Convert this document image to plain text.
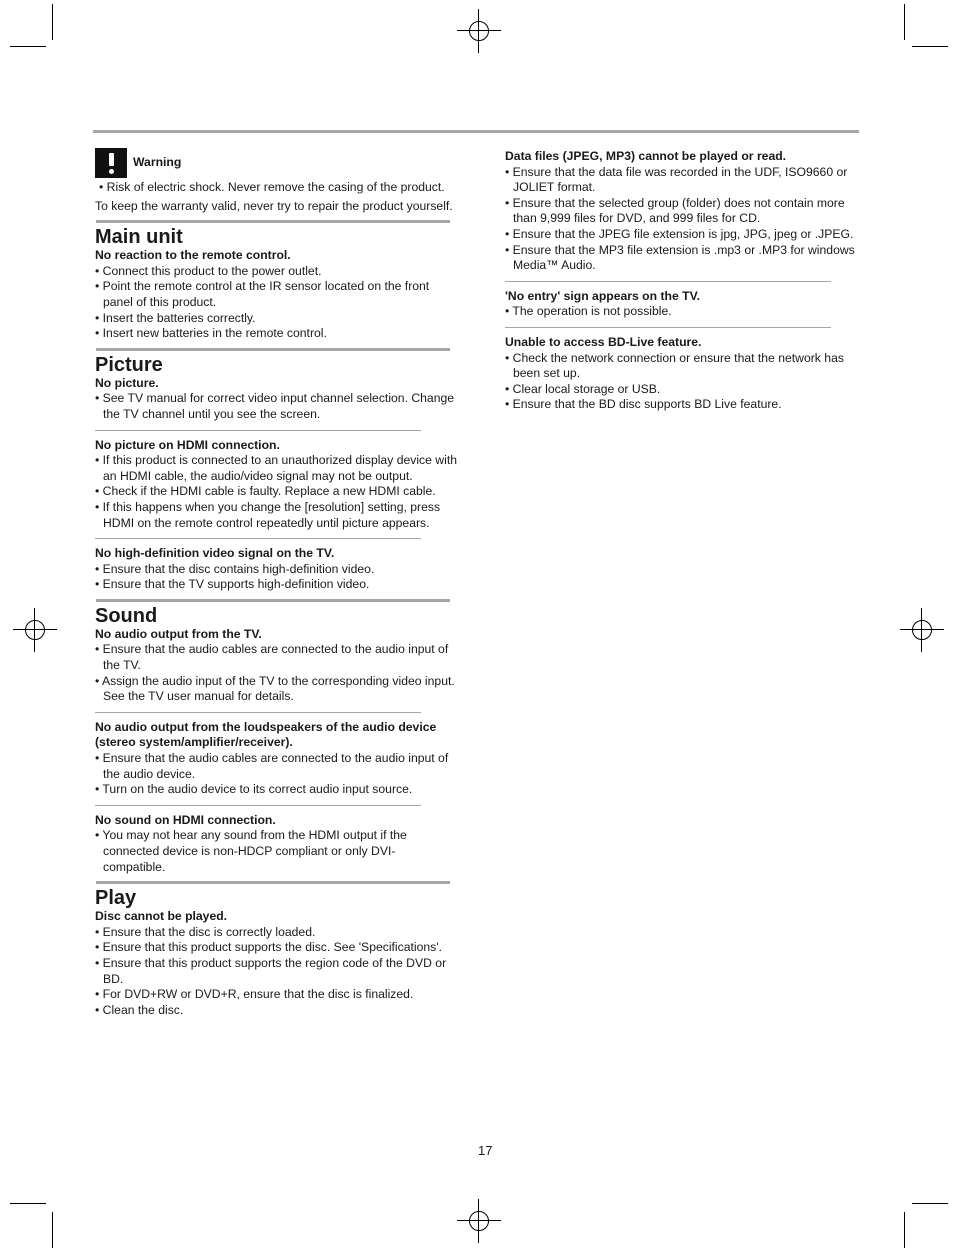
Warning
• Risk of electric shock. Never remove the casing of the product.
To keep the warranty valid, never try to repair the product yourself.
Main unit
No reaction to the remote control.
• Connect this product to the power outlet.
• Point the remote control at the IR sensor located on the front panel of this product.
• Insert the batteries correctly.
• Insert new batteries in the remote control.
Picture
No picture.
• See TV manual for correct video input channel selection. Change the TV channel until you see the screen.
No picture on HDMI connection.
• If this product is connected to an unauthorized display device with an HDMI cable, the audio/video signal may not be output.
• Check if the HDMI cable is faulty. Replace a new HDMI cable.
• If this happens when you change the [resolution] setting, press HDMI on the remote control repeatedly until picture appears.
No high-definition video signal on the TV.
• Ensure that the disc contains high-definition video.
• Ensure that the TV supports high-definition video.
Sound
No audio output from the TV.
• Ensure that the audio cables are connected to the audio input of the TV.
• Assign the audio input of the TV to the corresponding video input. See the TV user manual for details.
No audio output from the loudspeakers of the audio device (stereo system/amplifier/receiver).
• Ensure that the audio cables are connected to the audio input of the audio device.
• Turn on the audio device to its correct audio input source.
No sound on HDMI connection.
• You may not hear any sound from the HDMI output if the connected device is non-HDCP compliant or only DVI-compatible.
Play
Disc cannot be played.
• Ensure that the disc is correctly loaded.
• Ensure that this product supports the disc. See 'Specifications'.
• Ensure that this product supports the region code of the DVD or BD.
• For DVD+RW or DVD+R, ensure that the disc is finalized.
• Clean the disc.
Data files (JPEG, MP3) cannot be played or read.
• Ensure that the data file was recorded in the UDF, ISO9660 or JOLIET format.
• Ensure that the selected group (folder) does not contain more than 9,999 files for DVD, and 999 files for CD.
• Ensure that the JPEG file extension is jpg, JPG, jpeg or .JPEG.
• Ensure that the MP3 file extension is .mp3 or .MP3 for windows Media™ Audio.
'No entry' sign appears on the TV.
• The operation is not possible.
Unable to access BD-Live feature.
• Check the network connection or ensure that the network has been set up.
• Clear local storage or USB.
• Ensure that the BD disc supports BD Live feature.
17
